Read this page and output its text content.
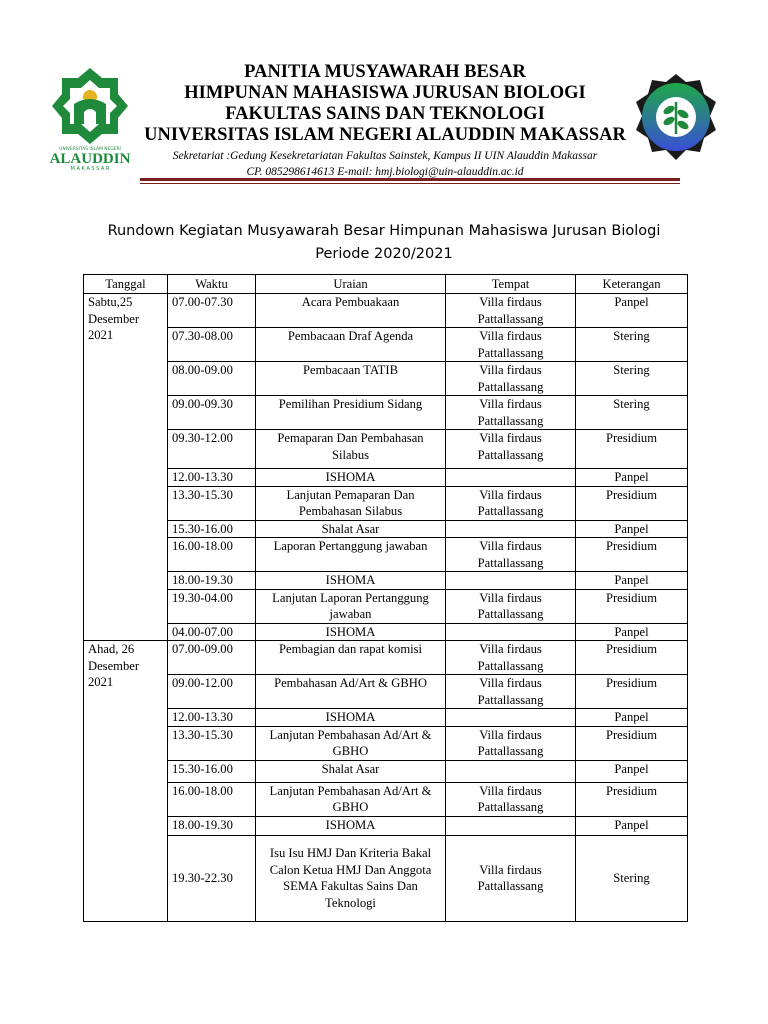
UNIVERSITAS ISLAM NEGERI
ALAUDDIN
M A K A S S A R
PANITIA MUSYAWARAH BESAR
HIMPUNAN MAHASISWA JURUSAN BIOLOGI
FAKULTAS SAINS DAN TEKNOLOGI
UNIVERSITAS ISLAM NEGERI ALAUDDIN MAKASSAR
Sekretariat :Gedung Kesekretariatan Fakultas Sainstek, Kampus II UIN Alauddin Makassar
CP. 085298614613 E-mail: hmj.biologi@uin-alauddin.ac.id
Rundown Kegiatan Musyawarah Besar Himpunan Mahasiswa Jurusan Biologi
Periode 2020/2021
Tanggal	Waktu	Uraian	Tempat	Keterangan
Sabtu,25 Desember 2021	07.00-07.30	Acara Pembuakaan	Villa firdaus Pattallassang	Panpel
	07.30-08.00	Pembacaan Draf Agenda	Villa firdaus Pattallassang	Stering
	08.00-09.00	Pembacaan TATIB	Villa firdaus Pattallassang	Stering
	09.00-09.30	Pemilihan Presidium Sidang	Villa firdaus Pattallassang	Stering
	09.30-12.00	Pemaparan Dan Pembahasan Silabus	Villa firdaus Pattallassang	Presidium
	12.00-13.30	ISHOMA		Panpel
	13.30-15.30	Lanjutan Pemaparan Dan Pembahasan Silabus	Villa firdaus Pattallassang	Presidium
	15.30-16.00	Shalat Asar		Panpel
	16.00-18.00	Laporan Pertanggung jawaban	Villa firdaus Pattallassang	Presidium
	18.00-19.30	ISHOMA		Panpel
	19.30-04.00	Lanjutan Laporan Pertanggung jawaban	Villa firdaus Pattallassang	Presidium
	04.00-07.00	ISHOMA		Panpel
Ahad, 26 Desember 2021	07.00-09.00	Pembagian dan rapat komisi	Villa firdaus Pattallassang	Presidium
	09.00-12.00	Pembahasan Ad/Art & GBHO	Villa firdaus Pattallassang	Presidium
	12.00-13.30	ISHOMA		Panpel
	13.30-15.30	Lanjutan Pembahasan Ad/Art & GBHO	Villa firdaus Pattallassang	Presidium
	15.30-16.00	Shalat Asar		Panpel
	16.00-18.00	Lanjutan Pembahasan Ad/Art & GBHO	Villa firdaus Pattallassang	Presidium
	18.00-19.30	ISHOMA		Panpel
	19.30-22.30	Isu Isu HMJ Dan Kriteria Bakal Calon Ketua HMJ Dan Anggota SEMA Fakultas Sains Dan Teknologi	Villa firdaus Pattallassang	Stering
